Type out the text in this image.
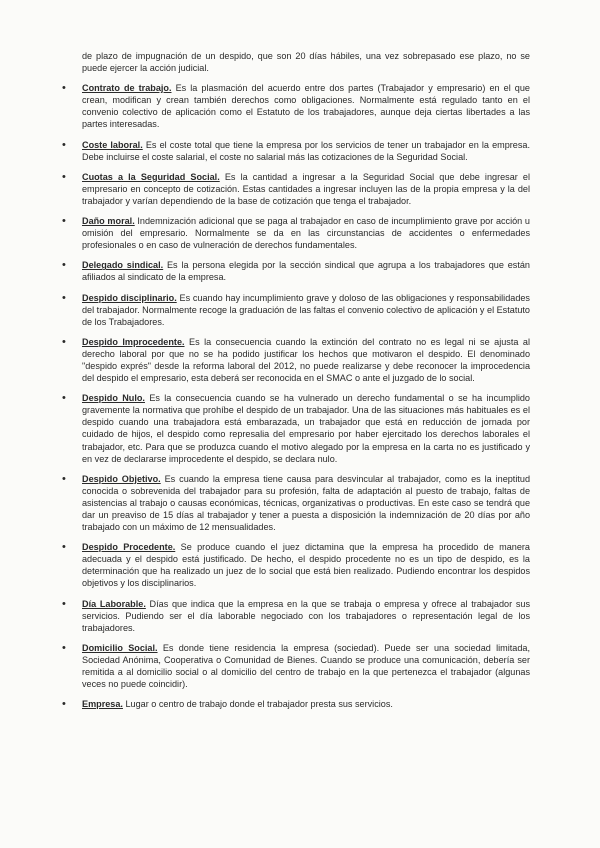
de plazo de impugnación de un despido, que son 20 días hábiles, una vez sobrepasado ese plazo, no se puede ejercer la acción judicial.
• Contrato de trabajo. Es la plasmación del acuerdo entre dos partes (Trabajador y empresario) en el que crean, modifican y crean también derechos como obligaciones. Normalmente está regulado tanto en el convenio colectivo de aplicación como el Estatuto de los trabajadores, aunque deja ciertas libertades a las partes interesadas.
• Coste laboral. Es el coste total que tiene la empresa por los servicios de tener un trabajador en la empresa. Debe incluirse el coste salarial, el coste no salarial más las cotizaciones de la Seguridad Social.
• Cuotas a la Seguridad Social. Es la cantidad a ingresar a la Seguridad Social que debe ingresar el empresario en concepto de cotización. Estas cantidades a ingresar incluyen las de la propia empresa y la del trabajador y varían dependiendo de la base de cotización que tenga el trabajador.
• Daño moral. Indemnización adicional que se paga al trabajador en caso de incumplimiento grave por acción u omisión del empresario. Normalmente se da en las circunstancias de accidentes o enfermedades profesionales o en caso de vulneración de derechos fundamentales.
• Delegado sindical. Es la persona elegida por la sección sindical que agrupa a los trabajadores que están afiliados al sindicato de la empresa.
• Despido disciplinario. Es cuando hay incumplimiento grave y doloso de las obligaciones y responsabilidades del trabajador. Normalmente recoge la graduación de las faltas el convenio colectivo de aplicación y el Estatuto de los Trabajadores.
• Despido Improcedente. Es la consecuencia cuando la extinción del contrato no es legal ni se ajusta al derecho laboral por que no se ha podido justificar los hechos que motivaron el despido. El denominado "despido exprés" desde la reforma laboral del 2012, no puede realizarse y debe reconocer la improcedencia del despido el empresario, esta deberá ser reconocida en el SMAC o ante el juzgado de lo social.
• Despido Nulo. Es la consecuencia cuando se ha vulnerado un derecho fundamental o se ha incumplido gravemente la normativa que prohíbe el despido de un trabajador. Una de las situaciones más habituales es el despido cuando una trabajadora está embarazada, un trabajador que está en reducción de jornada por cuidado de hijos, el despido como represalia del empresario por haber ejercitado los derechos laborales el trabajador, etc. Para que se produzca cuando el motivo alegado por la empresa en la carta no es justificado y en vez de declararse improcedente el despido, se declara nulo.
• Despido Objetivo. Es cuando la empresa tiene causa para desvincular al trabajador, como es la ineptitud conocida o sobrevenida del trabajador para su profesión, falta de adaptación al puesto de trabajo, faltas de asistencias al trabajo o causas económicas, técnicas, organizativas o productivas. En este caso se tendrá que dar un preaviso de 15 días al trabajador y tener a puesta a disposición la indemnización de 20 días por año trabajado con un máximo de 12 mensualidades.
• Despido Procedente. Se produce cuando el juez dictamina que la empresa ha procedido de manera adecuada y el despido está justificado. De hecho, el despido procedente no es un tipo de despido, es la determinación que ha realizado un juez de lo social que está bien realizado. Pudiendo encontrar los despidos objetivos y los disciplinarios.
• Día Laborable. Días que indica que la empresa en la que se trabaja o empresa y ofrece al trabajador sus servicios. Pudiendo ser el día laborable negociado con los trabajadores o representación legal de los trabajadores.
• Domicilio Social. Es donde tiene residencia la empresa (sociedad). Puede ser una sociedad limitada, Sociedad Anónima, Cooperativa o Comunidad de Bienes. Cuando se produce una comunicación, debería ser remitida a al domicilio social o al domicilio del centro de trabajo en la que pertenezca el trabajador (algunas veces no puede coincidir).
• Empresa. Lugar o centro de trabajo donde el trabajador presta sus servicios.
